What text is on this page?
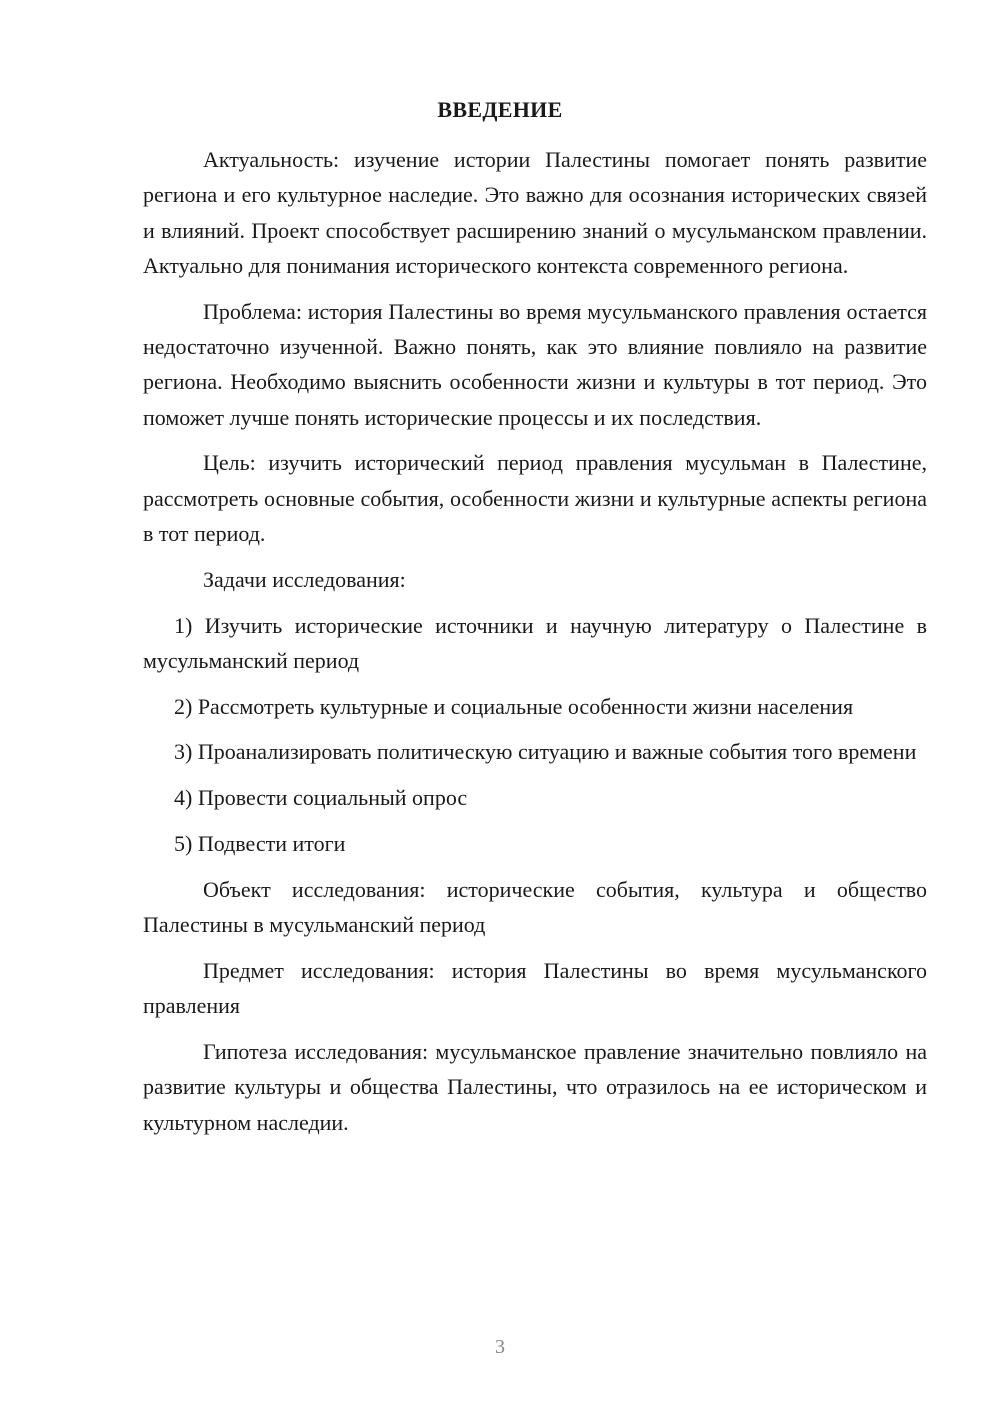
ВВЕДЕНИЕ

Актуальность: изучение истории Палестины помогает понять развитие региона и его культурное наследие. Это важно для осознания исторических связей и влияний. Проект способствует расширению знаний о мусульманском правлении. Актуально для понимания исторического контекста современного региона.

Проблема: история Палестины во время мусульманского правления остается недостаточно изученной. Важно понять, как это влияние повлияло на развитие региона. Необходимо выяснить особенности жизни и культуры в тот период. Это поможет лучше понять исторические процессы и их последствия.

Цель: изучить исторический период правления мусульман в Палестине, рассмотреть основные события, особенности жизни и культурные аспекты региона в тот период.

Задачи исследования:

1) Изучить исторические источники и научную литературу о Палестине в мусульманский период

2) Рассмотреть культурные и социальные особенности жизни населения

3) Проанализировать политическую ситуацию и важные события того времени

4) Провести социальный опрос

5) Подвести итоги

Объект исследования: исторические события, культура и общество Палестины в мусульманский период

Предмет исследования: история Палестины во время мусульманского правления

Гипотеза исследования: мусульманское правление значительно повлияло на развитие культуры и общества Палестины, что отразилось на ее историческом и культурном наследии.

3
